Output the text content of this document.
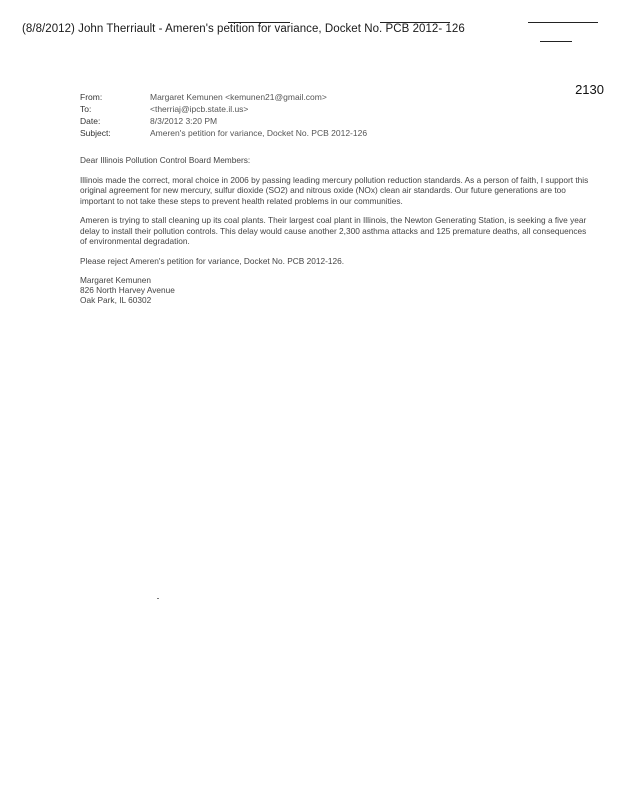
(8/8/2012) John Therriault - Ameren's petition for variance, Docket No. PCB 2012- 126
2130
From:	Margaret Kemunen <kemunen21@gmail.com>
To:	<therriaj@ipcb.state.il.us>
Date:	8/3/2012 3:20 PM
Subject:	Ameren's petition for variance, Docket No. PCB 2012-126

Dear Illinois Pollution Control Board Members:

Illinois made the correct, moral choice in 2006 by passing leading mercury pollution reduction standards. As a person of faith, I support this original agreement for new mercury, sulfur dioxide (SO2) and nitrous oxide (NOx) clean air standards. Our future generations are too important to not take these steps to prevent health related problems in our communities.

Ameren is trying to stall cleaning up its coal plants. Their largest coal plant in Illinois, the Newton Generating Station, is seeking a five year delay to install their pollution controls. This delay would cause another 2,300 asthma attacks and 125 premature deaths, all consequences of environmental degradation.

Please reject Ameren's petition for variance, Docket No. PCB 2012-126.

Margaret Kemunen
826 North Harvey Avenue
Oak Park, IL 60302
